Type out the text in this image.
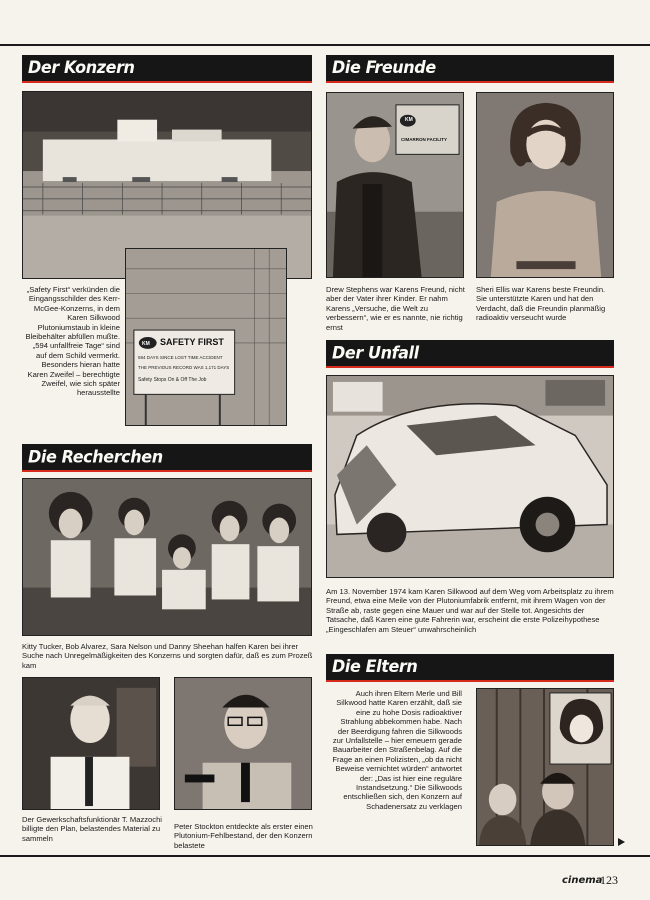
Der Konzern
KM SAFETY FIRST
594 DAYS SINCE LOST TIME ACCIDENT
THE PREVIOUS RECORD WAS 1,171 DAYS
Safety Stops On & Off The Job
„Safety First“ verkünden die Eingangsschilder des Kerr-McGee-Konzerns, in dem Karen Silkwood Plutoniumstaub in kleine Bleibehälter abfüllen mußte. „594 unfallfreie Tage“ sind auf dem Schild vermerkt. Besonders hieran hatte Karen Zweifel – berechtigte Zweifel, wie sich später herausstellte
Die Recherchen
Kitty Tucker, Bob Alvarez, Sara Nelson und Danny Sheehan halfen Karen bei ihrer Suche nach Unregelmäßigkeiten des Konzerns und sorgten dafür, daß es zum Prozeß kam
Der Gewerkschaftsfunktionär T. Mazzochi billigte den Plan, belastendes Material zu sammeln
Peter Stockton entdeckte als erster einen Plutonium-Fehlbestand, der den Konzern belastete
Die Freunde
KM
CIMARRON FACILITY
Drew Stephens war Karens Freund, nicht aber der Vater ihrer Kinder. Er nahm Karens „Versuche, die Welt zu verbessern“, wie er es nannte, nie richtig ernst
Sheri Ellis war Karens beste Freundin. Sie unterstützte Karen und hat den Verdacht, daß die Freundin planmäßig radioaktiv verseucht wurde
Der Unfall
Am 13. November 1974 kam Karen Silkwood auf dem Weg vom Arbeitsplatz zu ihrem Freund, etwa eine Meile von der Plutoniumfabrik entfernt, mit ihrem Wagen von der Straße ab, raste gegen eine Mauer und war auf der Stelle tot. Angesichts der Tatsache, daß Karen eine gute Fahrerin war, erscheint die erste Polizeihypothese „Eingeschlafen am Steuer“ unwahrscheinlich
Die Eltern
Auch ihren Eltern Merle und Bill Silkwood hatte Karen erzählt, daß sie eine zu hohe Dosis radioaktiver Strahlung abbekommen habe. Nach der Beerdigung fahren die Silkwoods zur Unfallstelle – hier erneuern gerade Bauarbeiter den Straßenbelag. Auf die Frage an einen Polizisten, „ob da nicht Beweise vernichtet würden“ antwortet der: „Das ist hier eine reguläre Instandsetzung.“ Die Silkwoods entschließen sich, den Konzern auf Schadenersatz zu verklagen
cinema
123
